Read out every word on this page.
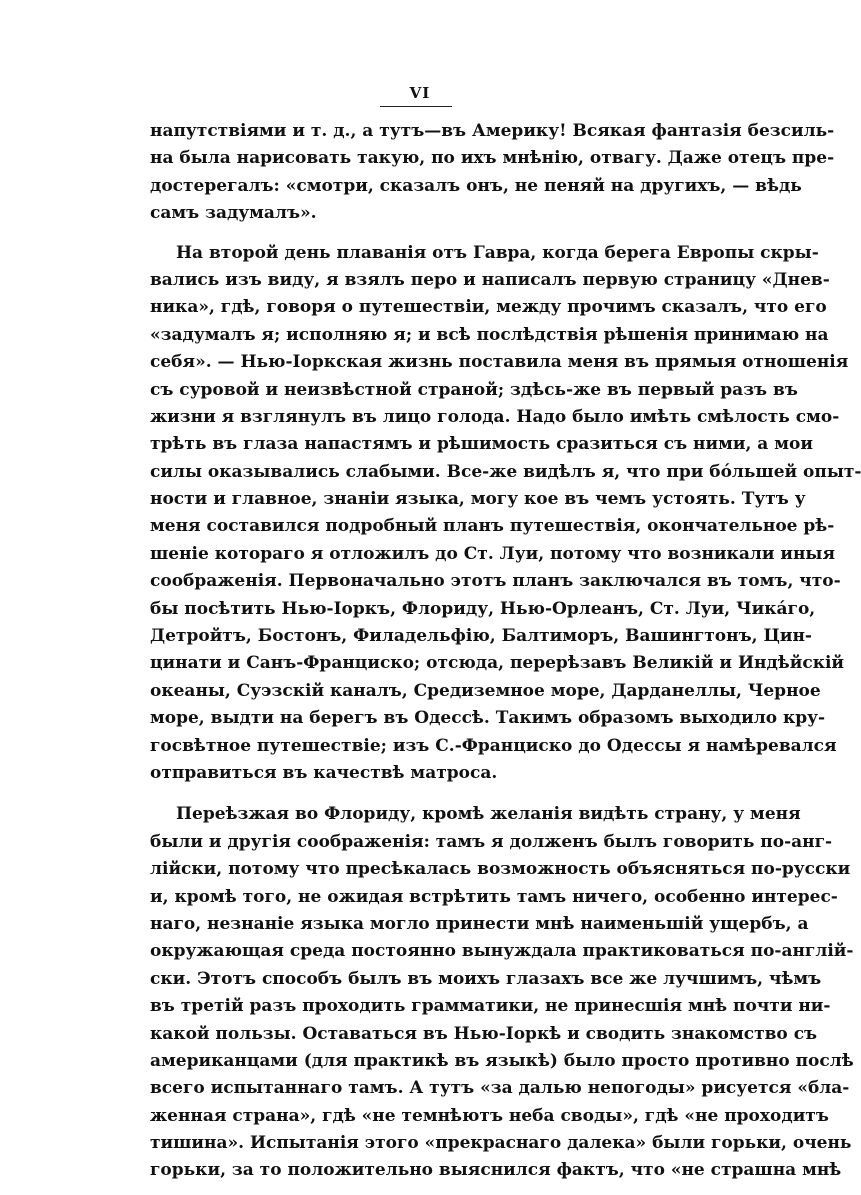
VI
напутствіями и т. д., а тутъ—въ Америку! Всякая фантазія безсиль-
на была нарисовать такую, по ихъ мнѣнію, отвагу. Даже отецъ пре-
достерегалъ: «смотри, сказалъ онъ, не пеняй на другихъ, — вѣдь
самъ задумалъ».
На второй день плаванія отъ Гавра, когда берега Европы скры-
вались изъ виду, я взялъ перо и написалъ первую страницу «Днев-
ника», гдѣ, говоря о путешествіи, между прочимъ сказалъ, что его
«задумалъ я; исполняю я; и всѣ послѣдствія рѣшенія принимаю на
себя». — Нью-Iоркская жизнь поставила меня въ прямыя отношенія
съ суровой и неизвѣстной страной; здѣсь-же въ первый разъ въ
жизни я взглянулъ въ лицо голода. Надо было имѣть смѣлость смо-
трѣть въ глаза напастямъ и рѣшимость сразиться съ ними, а мои
силы оказывались слабыми. Все-же видѣлъ я, что при бóльшей опыт-
ности и главное, знаніи языка, могу кое въ чемъ устоять. Тутъ у
меня составился подробный планъ путешествія, окончательное рѣ-
шеніе котораго я отложилъ до Ст. Луи, потому что возникали иныя
соображенія. Первоначально этотъ планъ заключался въ томъ, что-
бы посѣтить Нью-Iоркъ, Флориду, Нью-Орлеанъ, Ст. Луи, Чикáго,
Детройтъ, Бостонъ, Филадельфію, Балтиморъ, Вашингтонъ, Цин-
цинати и Санъ-Франциско; отсюда, перерѣзавъ Великій и Индѣйскій
океаны, Суэзскій каналъ, Средиземное море, Дарданеллы, Черное
море, выдти на берегъ въ Одессѣ. Такимъ образомъ выходило кру-
госвѣтное путешествіе; изъ С.-Франциско до Одессы я намѣревался
отправиться въ качествѣ матроса.
Переѣзжая во Флориду, кромѣ желанія видѣть страну, у меня
были и другія соображенія: тамъ я долженъ былъ говорить по-анг-
лійски, потому что пресѣкалась возможность объясняться по-русски
и, кромѣ того, не ожидая встрѣтить тамъ ничего, особенно интерес-
наго, незнаніе языка могло принести мнѣ наименьшій ущербъ, а
окружающая среда постоянно вынуждала практиковаться по-англій-
ски. Этотъ способъ былъ въ моихъ глазахъ все же лучшимъ, чѣмъ
въ третій разъ проходить грамматики, не принесшія мнѣ почти ни-
какой пользы. Оставаться въ Нью-Iоркѣ и сводить знакомство съ
американцами (для практикѣ въ языкѣ) было просто противно послѣ
всего испытаннаго тамъ. А тутъ «за далью непогоды» рисуется «бла-
женная страна», гдѣ «не темнѣютъ неба своды», гдѣ «не проходитъ
тишина». Испытанія этого «прекраснаго далека» были горьки, очень
горьки, за то положительно выяснился фактъ, что «не страшна мнѣ
